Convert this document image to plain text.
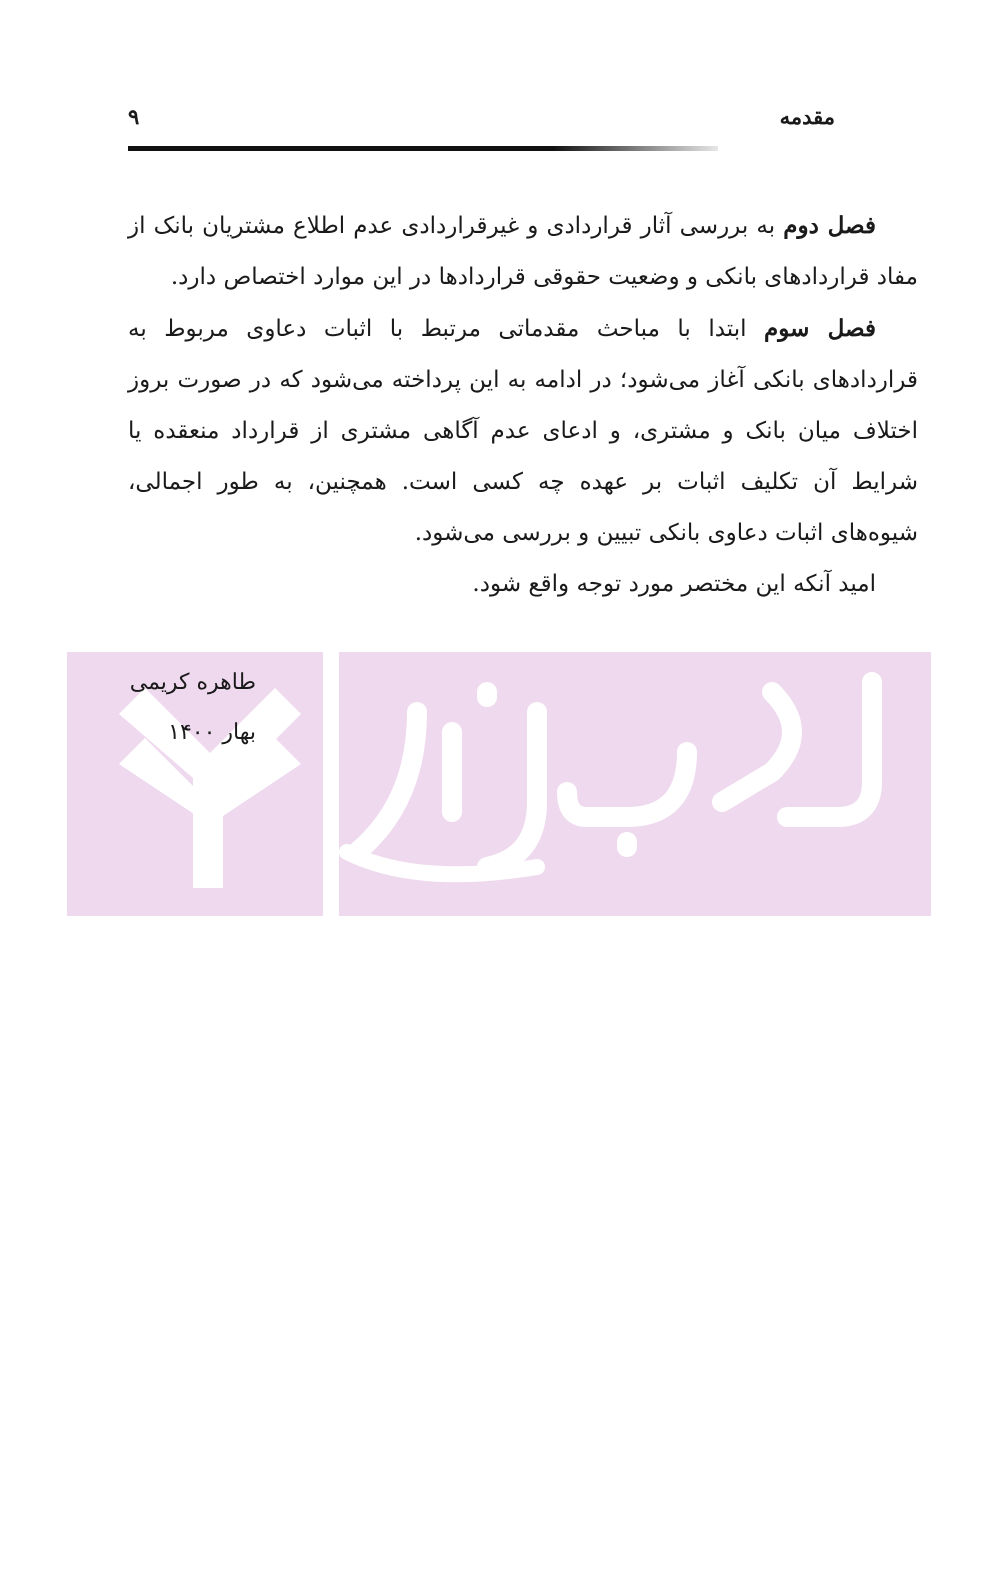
مقدمه
۹

فصل دوم به بررسی آثار قراردادی و غیرقراردادی عدم اطلاع مشتریان بانک از مفاد قراردادهای بانکی و وضعیت حقوقی قراردادها در این موارد اختصاص دارد.

فصل سوم ابتدا با مباحث مقدماتی مرتبط با اثبات دعاوی مربوط به قراردادهای بانکی آغاز می‌شود؛ در ادامه به این پرداخته می‌شود که در صورت بروز اختلاف میان بانک و مشتری، و ادعای عدم آگاهی مشتری از قرارداد منعقده یا شرایط آن تکلیف اثبات بر عهده چه کسی است. همچنین، به طور اجمالی، شیوه‌های اثبات دعاوی بانکی تبیین و بررسی می‌شود.

امید آنکه این مختصر مورد توجه واقع شود.

طاهره کریمی
بهار ۱۴۰۰
